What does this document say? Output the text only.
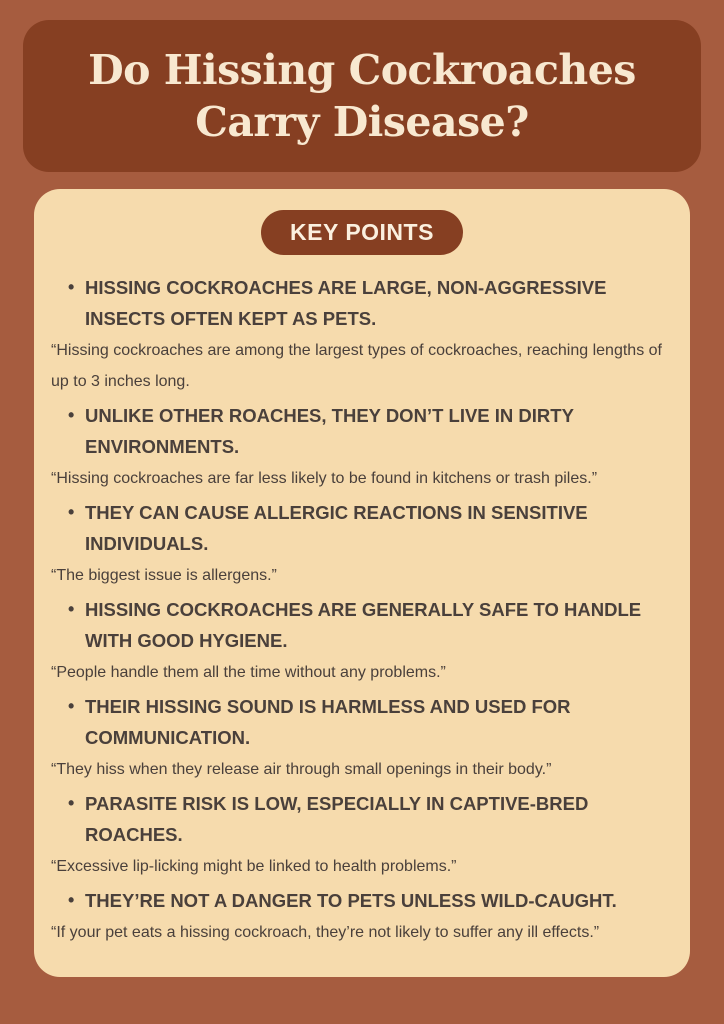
Do Hissing Cockroaches
Carry Disease?
KEY POINTS
• HISSING COCKROACHES ARE LARGE, NON-AGGRESSIVE INSECTS OFTEN KEPT AS PETS.

“Hissing cockroaches are among the largest types of cockroaches, reaching lengths of up to 3 inches long.

• UNLIKE OTHER ROACHES, THEY DON’T LIVE IN DIRTY ENVIRONMENTS.

“Hissing cockroaches are far less likely to be found in kitchens or trash piles.”

• THEY CAN CAUSE ALLERGIC REACTIONS IN SENSITIVE INDIVIDUALS.

“The biggest issue is allergens.”

• HISSING COCKROACHES ARE GENERALLY SAFE TO HANDLE WITH GOOD HYGIENE.

“People handle them all the time without any problems.”

• THEIR HISSING SOUND IS HARMLESS AND USED FOR COMMUNICATION.

“They hiss when they release air through small openings in their body.”

• PARASITE RISK IS LOW, ESPECIALLY IN CAPTIVE-BRED ROACHES.

“Excessive lip-licking might be linked to health problems.”

• THEY’RE NOT A DANGER TO PETS UNLESS WILD-CAUGHT.

“If your pet eats a hissing cockroach, they’re not likely to suffer any ill effects.”
